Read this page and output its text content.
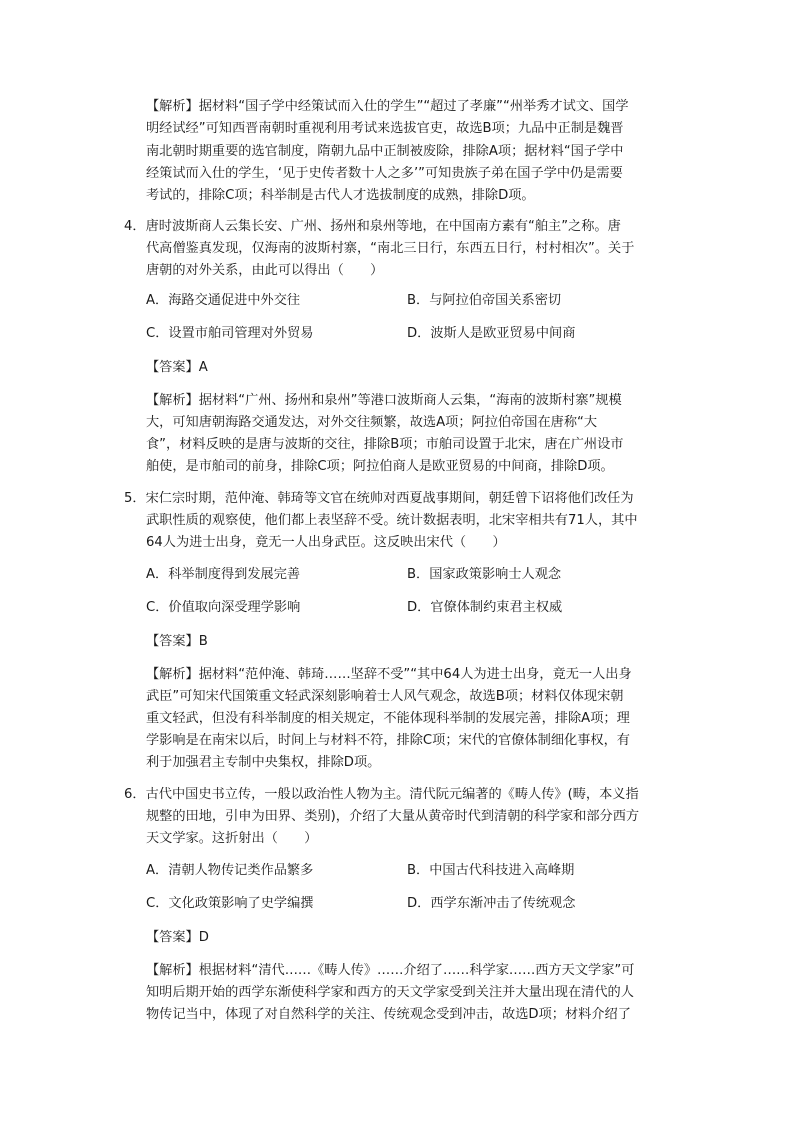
【解析】据材料“国子学中经策试而入仕的学生”“超过了孝廉”“州举秀才试文、国学
明经试经”可知西晋南朝时重视利用考试来选拔官吏，故选B项；九品中正制是魏晋
南北朝时期重要的选官制度，隋朝九品中正制被废除，排除A项；据材料“国子学中
经策试而入仕的学生，‘见于史传者数十人之多’”可知贵族子弟在国子学中仍是需要
考试的，排除C项；科举制是古代人才选拔制度的成熟，排除D项。
4．唐时波斯商人云集长安、广州、扬州和泉州等地，在中国南方素有“舶主”之称。唐
代高僧鉴真发现，仅海南的波斯村寨，“南北三日行，东西五日行，村村相次”。关于
唐朝的对外关系，由此可以得出（　　）
A．海路交通促进中外交往	B．与阿拉伯帝国关系密切
C．设置市舶司管理对外贸易	D．波斯人是欧亚贸易中间商
【答案】A
【解析】据材料“广州、扬州和泉州”等港口波斯商人云集，“海南的波斯村寨”规模
大，可知唐朝海路交通发达，对外交往频繁，故选A项；阿拉伯帝国在唐称“大
食”，材料反映的是唐与波斯的交往，排除B项；市舶司设置于北宋，唐在广州设市
舶使，是市舶司的前身，排除C项；阿拉伯商人是欧亚贸易的中间商，排除D项。
5．宋仁宗时期，范仲淹、韩琦等文官在统帅对西夏战事期间，朝廷曾下诏将他们改任为
武职性质的观察使，他们都上表坚辞不受。统计数据表明，北宋宰相共有71人，其中
64人为进士出身，竟无一人出身武臣。这反映出宋代（　　）
A．科举制度得到发展完善	B．国家政策影响士人观念
C．价值取向深受理学影响	D．官僚体制约束君主权威
【答案】B
【解析】据材料“范仲淹、韩琦……坚辞不受”“其中64人为进士出身，竟无一人出身
武臣”可知宋代国策重文轻武深刻影响着士人风气观念，故选B项；材料仅体现宋朝
重文轻武，但没有科举制度的相关规定，不能体现科举制的发展完善，排除A项；理
学影响是在南宋以后，时间上与材料不符，排除C项；宋代的官僚体制细化事权，有
利于加强君主专制中央集权，排除D项。
6．古代中国史书立传，一般以政治性人物为主。清代阮元编著的《畴人传》(畴，本义指
规整的田地，引申为田界、类别)，介绍了大量从黄帝时代到清朝的科学家和部分西方
天文学家。这折射出（　　）
A．清朝人物传记类作品繁多	B．中国古代科技进入高峰期
C．文化政策影响了史学编撰	D．西学东渐冲击了传统观念
【答案】D
【解析】根据材料“清代……《畴人传》……介绍了……科学家……西方天文学家”可
知明后期开始的西学东渐使科学家和西方的天文学家受到关注并大量出现在清代的人
物传记当中，体现了对自然科学的关注、传统观念受到冲击，故选D项；材料介绍了
